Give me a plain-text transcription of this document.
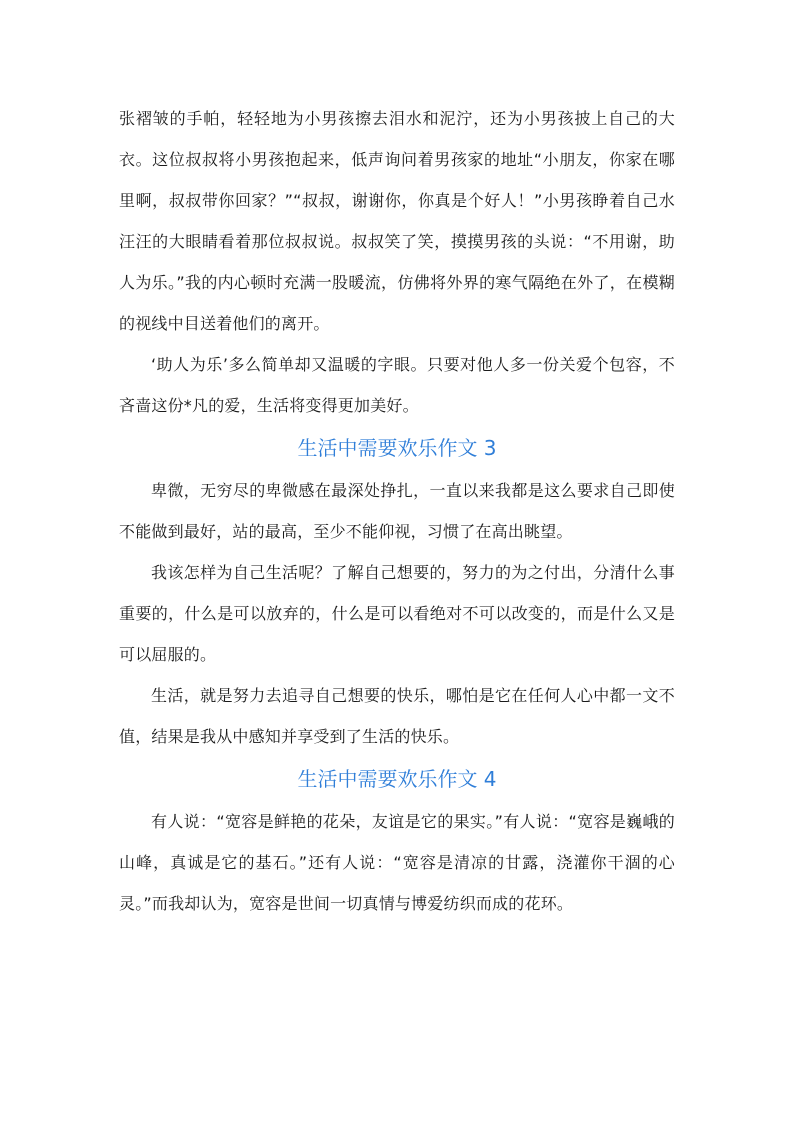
张褶皱的手帕，轻轻地为小男孩擦去泪水和泥泞，还为小男孩披上自己的大衣。这位叔叔将小男孩抱起来，低声询问着男孩家的地址“小朋友，你家在哪里啊，叔叔带你回家？”“叔叔，谢谢你，你真是个好人！”小男孩睁着自己水汪汪的大眼睛看着那位叔叔说。叔叔笑了笑，摸摸男孩的头说：“不用谢，助人为乐。”我的内心顿时充满一股暖流，仿佛将外界的寒气隔绝在外了，在模糊的视线中目送着他们的离开。

‘助人为乐’多么简单却又温暖的字眼。只要对他人多一份关爱个包容，不吝啬这份*凡的爱，生活将变得更加美好。

生活中需要欢乐作文 3

卑微，无穷尽的卑微感在最深处挣扎，一直以来我都是这么要求自己即使不能做到最好，站的最高，至少不能仰视，习惯了在高出眺望。

我该怎样为自己生活呢？了解自己想要的，努力的为之付出，分清什么事重要的，什么是可以放弃的，什么是可以看绝对不可以改变的，而是什么又是可以屈服的。

生活，就是努力去追寻自己想要的快乐，哪怕是它在任何人心中都一文不值，结果是我从中感知并享受到了生活的快乐。

生活中需要欢乐作文 4

有人说：“宽容是鲜艳的花朵，友谊是它的果实。”有人说：“宽容是巍峨的山峰，真诚是它的基石。”还有人说：“宽容是清凉的甘露，浇灌你干涸的心灵。”而我却认为，宽容是世间一切真情与博爱纺织而成的花环。
